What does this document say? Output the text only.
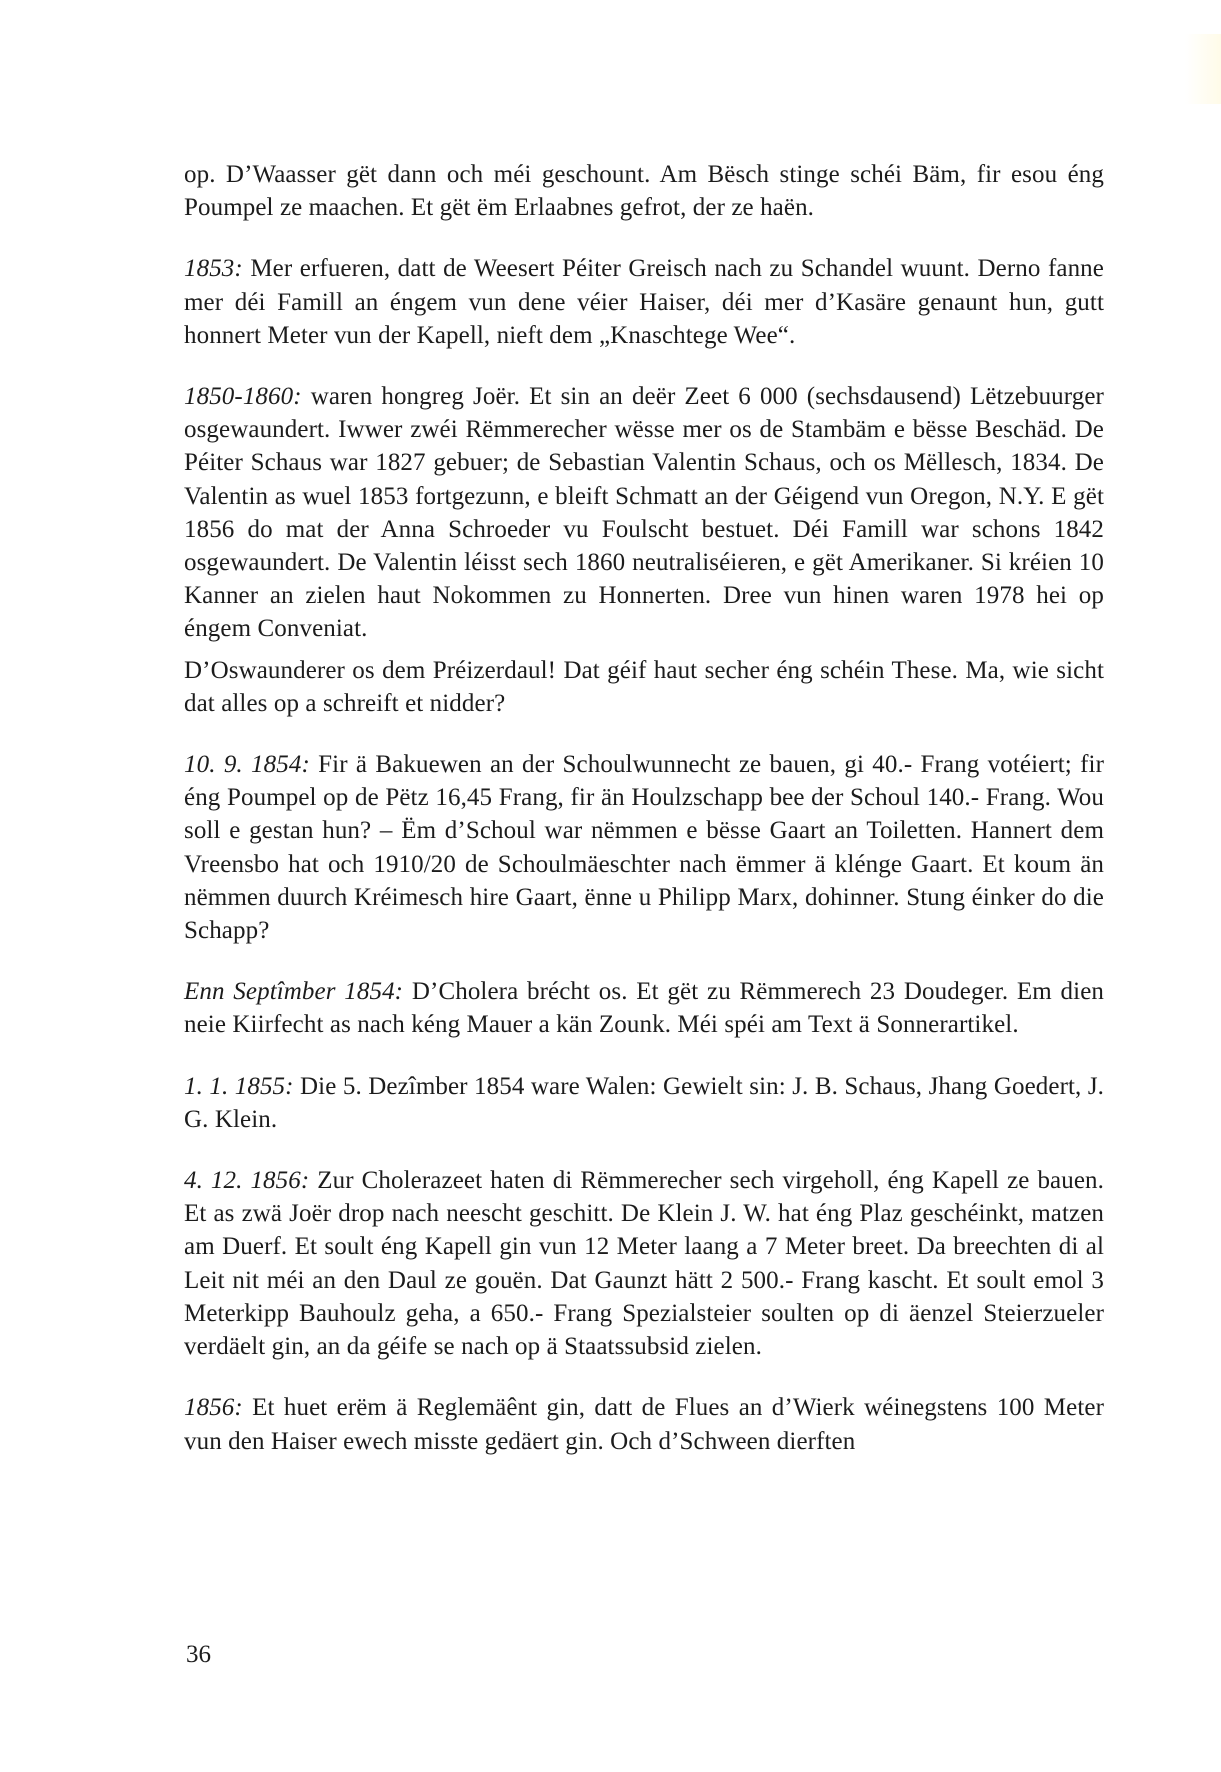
op. D’Waasser gët dann och méi geschount. Am Bësch stinge schéi Bäm, fir esou éng Poumpel ze maachen. Et gët ëm Erlaabnes gefrot, der ze haën.

1853: Mer erfueren, datt de Weesert Péiter Greisch nach zu Schandel wuunt. Derno fanne mer déi Famill an éngem vun dene véier Haiser, déi mer d’Kasäre genaunt hun, gutt honnert Meter vun der Kapell, nieft dem „Knaschtege Wee“.

1850-1860: waren hongreg Joër. Et sin an deër Zeet 6 000 (sechsdausend) Lëtzebuurger osgewaundert. Iwwer zwéi Rëmmerecher wësse mer os de Stambäm e bësse Beschäd. De Péiter Schaus war 1827 gebuer; de Sebastian Valentin Schaus, och os Mëllesch, 1834. De Valentin as wuel 1853 fortgezunn, e bleift Schmatt an der Géigend vun Oregon, N.Y. E gët 1856 do mat der Anna Schroeder vu Foulscht bestuet. Déi Famill war schons 1842 osgewaundert. De Valentin léisst sech 1860 neutraliséieren, e gët Amerikaner. Si kréien 10 Kanner an zielen haut Nokommen zu Honnerten. Dree vun hinen waren 1978 hei op éngem Conveniat.

D’Oswaunderer os dem Préizerdaul! Dat géif haut secher éng schéin These. Ma, wie sicht dat alles op a schreift et nidder?

10. 9. 1854: Fir ä Bakuewen an der Schoulwunnecht ze bauen, gi 40.- Frang votéiert; fir éng Poumpel op de Pëtz 16,45 Frang, fir än Houlzschapp bee der Schoul 140.- Frang. Wou soll e gestan hun? – Ëm d’Schoul war nëmmen e bësse Gaart an Toiletten. Hannert dem Vreensbo hat och 1910/20 de Schoulmäeschter nach ëmmer ä klénge Gaart. Et koum än nëmmen duurch Kréimesch hire Gaart, ënne u Philipp Marx, dohinner. Stung éinker do die Schapp?

Enn Septîmber 1854: D’Cholera brécht os. Et gët zu Rëmmerech 23 Doudeger. Em dien neie Kiirfecht as nach kéng Mauer a kän Zounk. Méi spéi am Text ä Sonnerartikel.

1. 1. 1855: Die 5. Dezîmber 1854 ware Walen: Gewielt sin: J. B. Schaus, Jhang Goedert, J. G. Klein.

4. 12. 1856: Zur Cholerazeet haten di Rëmmerecher sech virgeholl, éng Kapell ze bauen. Et as zwä Joër drop nach neescht geschitt. De Klein J. W. hat éng Plaz geschéinkt, matzen am Duerf. Et soult éng Kapell gin vun 12 Meter laang a 7 Meter breet. Da breechten di al Leit nit méi an den Daul ze gouën. Dat Gaunzt hätt 2 500.- Frang kascht. Et soult emol 3 Meterkipp Bauhoulz geha, a 650.- Frang Spezialsteier soulten op di äenzel Steierzueler verdäelt gin, an da géife se nach op ä Staatssubsid zielen.

1856: Et huet erëm ä Reglemäênt gin, datt de Flues an d’Wierk wéinegstens 100 Meter vun den Haiser ewech misste gedäert gin. Och d’Schween dierften

36
